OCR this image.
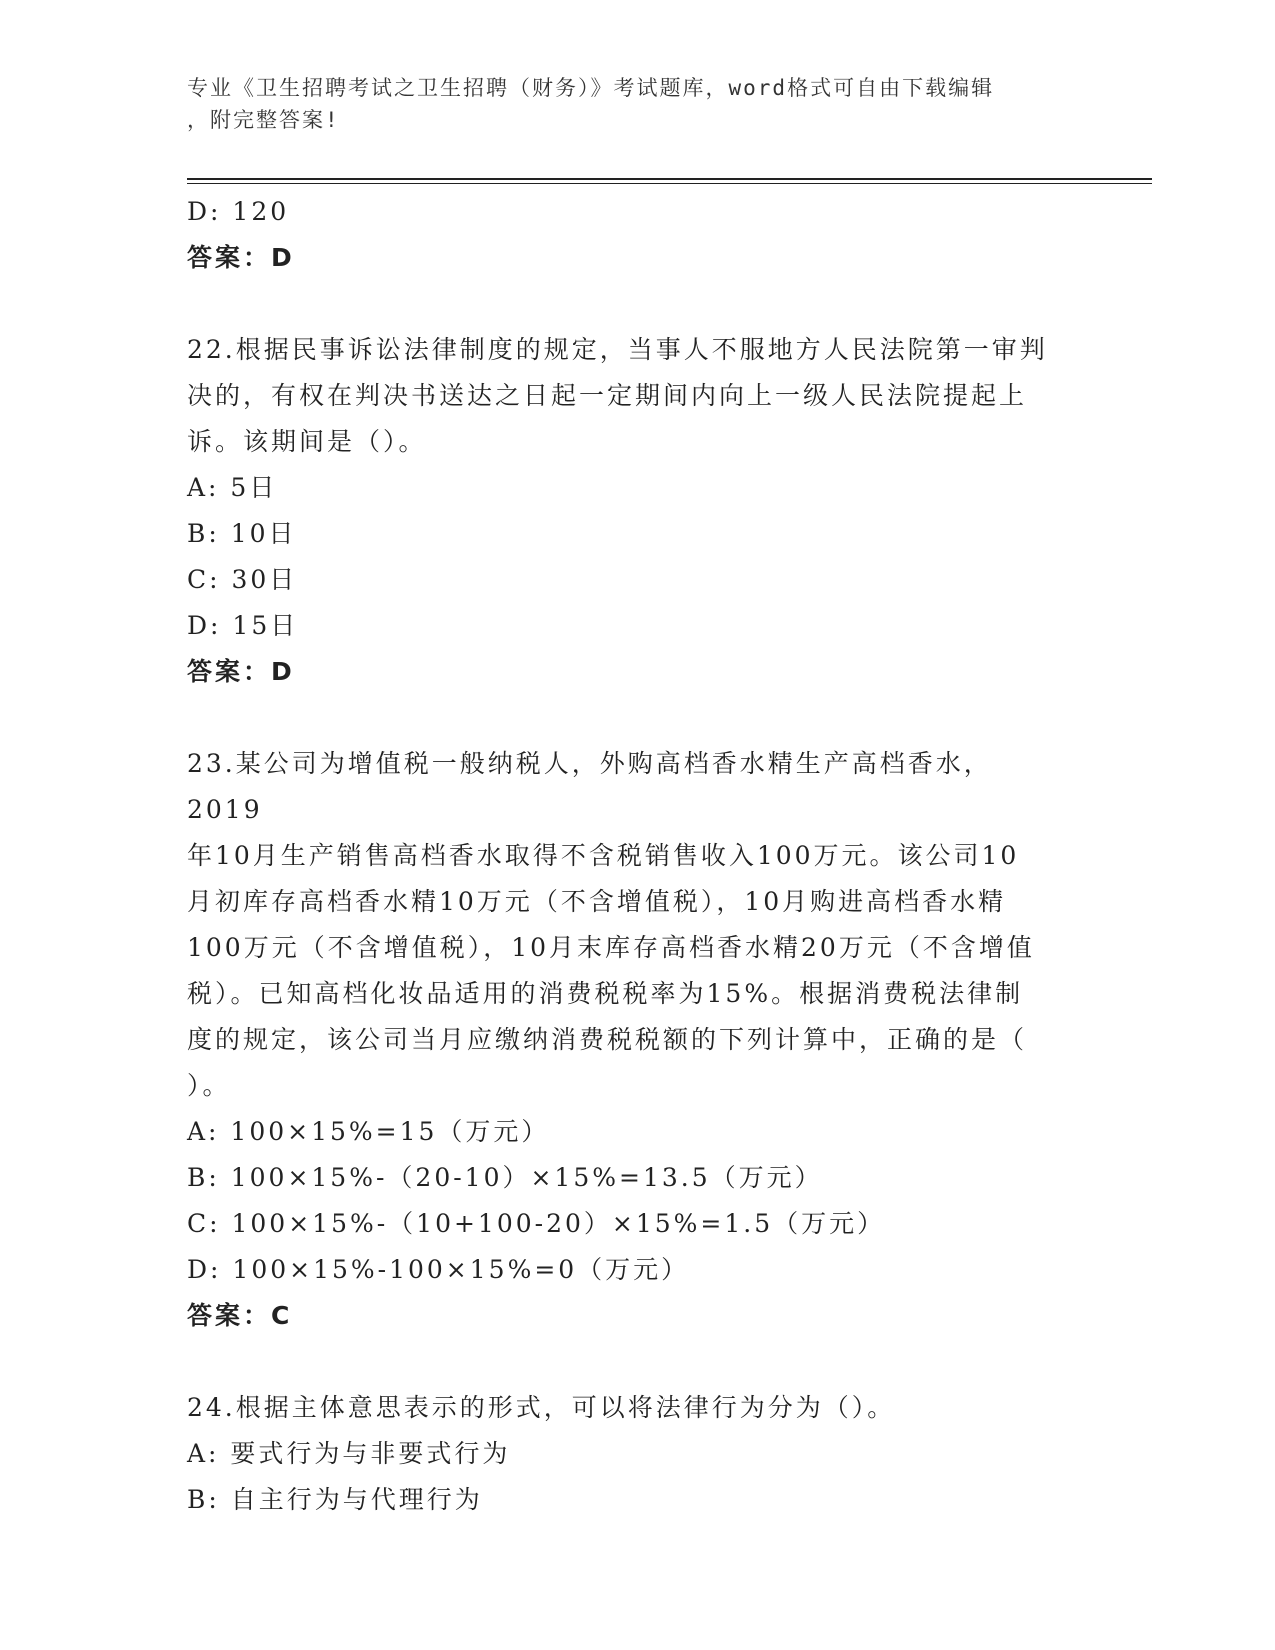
专业《卫生招聘考试之卫生招聘（财务）》考试题库，word格式可自由下载编辑
，附完整答案!
D: 120
答案：D
22.根据民事诉讼法律制度的规定，当事人不服地方人民法院第一审判
决的，有权在判决书送达之日起一定期间内向上一级人民法院提起上
诉。该期间是（）。
A: 5日
B: 10日
C: 30日
D: 15日
答案：D
23.某公司为增值税一般纳税人，外购高档香水精生产高档香水，2019
年10月生产销售高档香水取得不含税销售收入100万元。该公司10
月初库存高档香水精10万元（不含增值税），10月购进高档香水精
100万元（不含增值税），10月末库存高档香水精20万元（不含增值
税）。已知高档化妆品适用的消费税税率为15%。根据消费税法律制
度的规定，该公司当月应缴纳消费税税额的下列计算中，正确的是（
）。
A: 100×15%=15（万元）
B: 100×15%-（20-10）×15%=13.5（万元）
C: 100×15%-（10+100-20）×15%=1.5（万元）
D: 100×15%-100×15%=0（万元）
答案：C
24.根据主体意思表示的形式，可以将法律行为分为（）。
A: 要式行为与非要式行为
B: 自主行为与代理行为
